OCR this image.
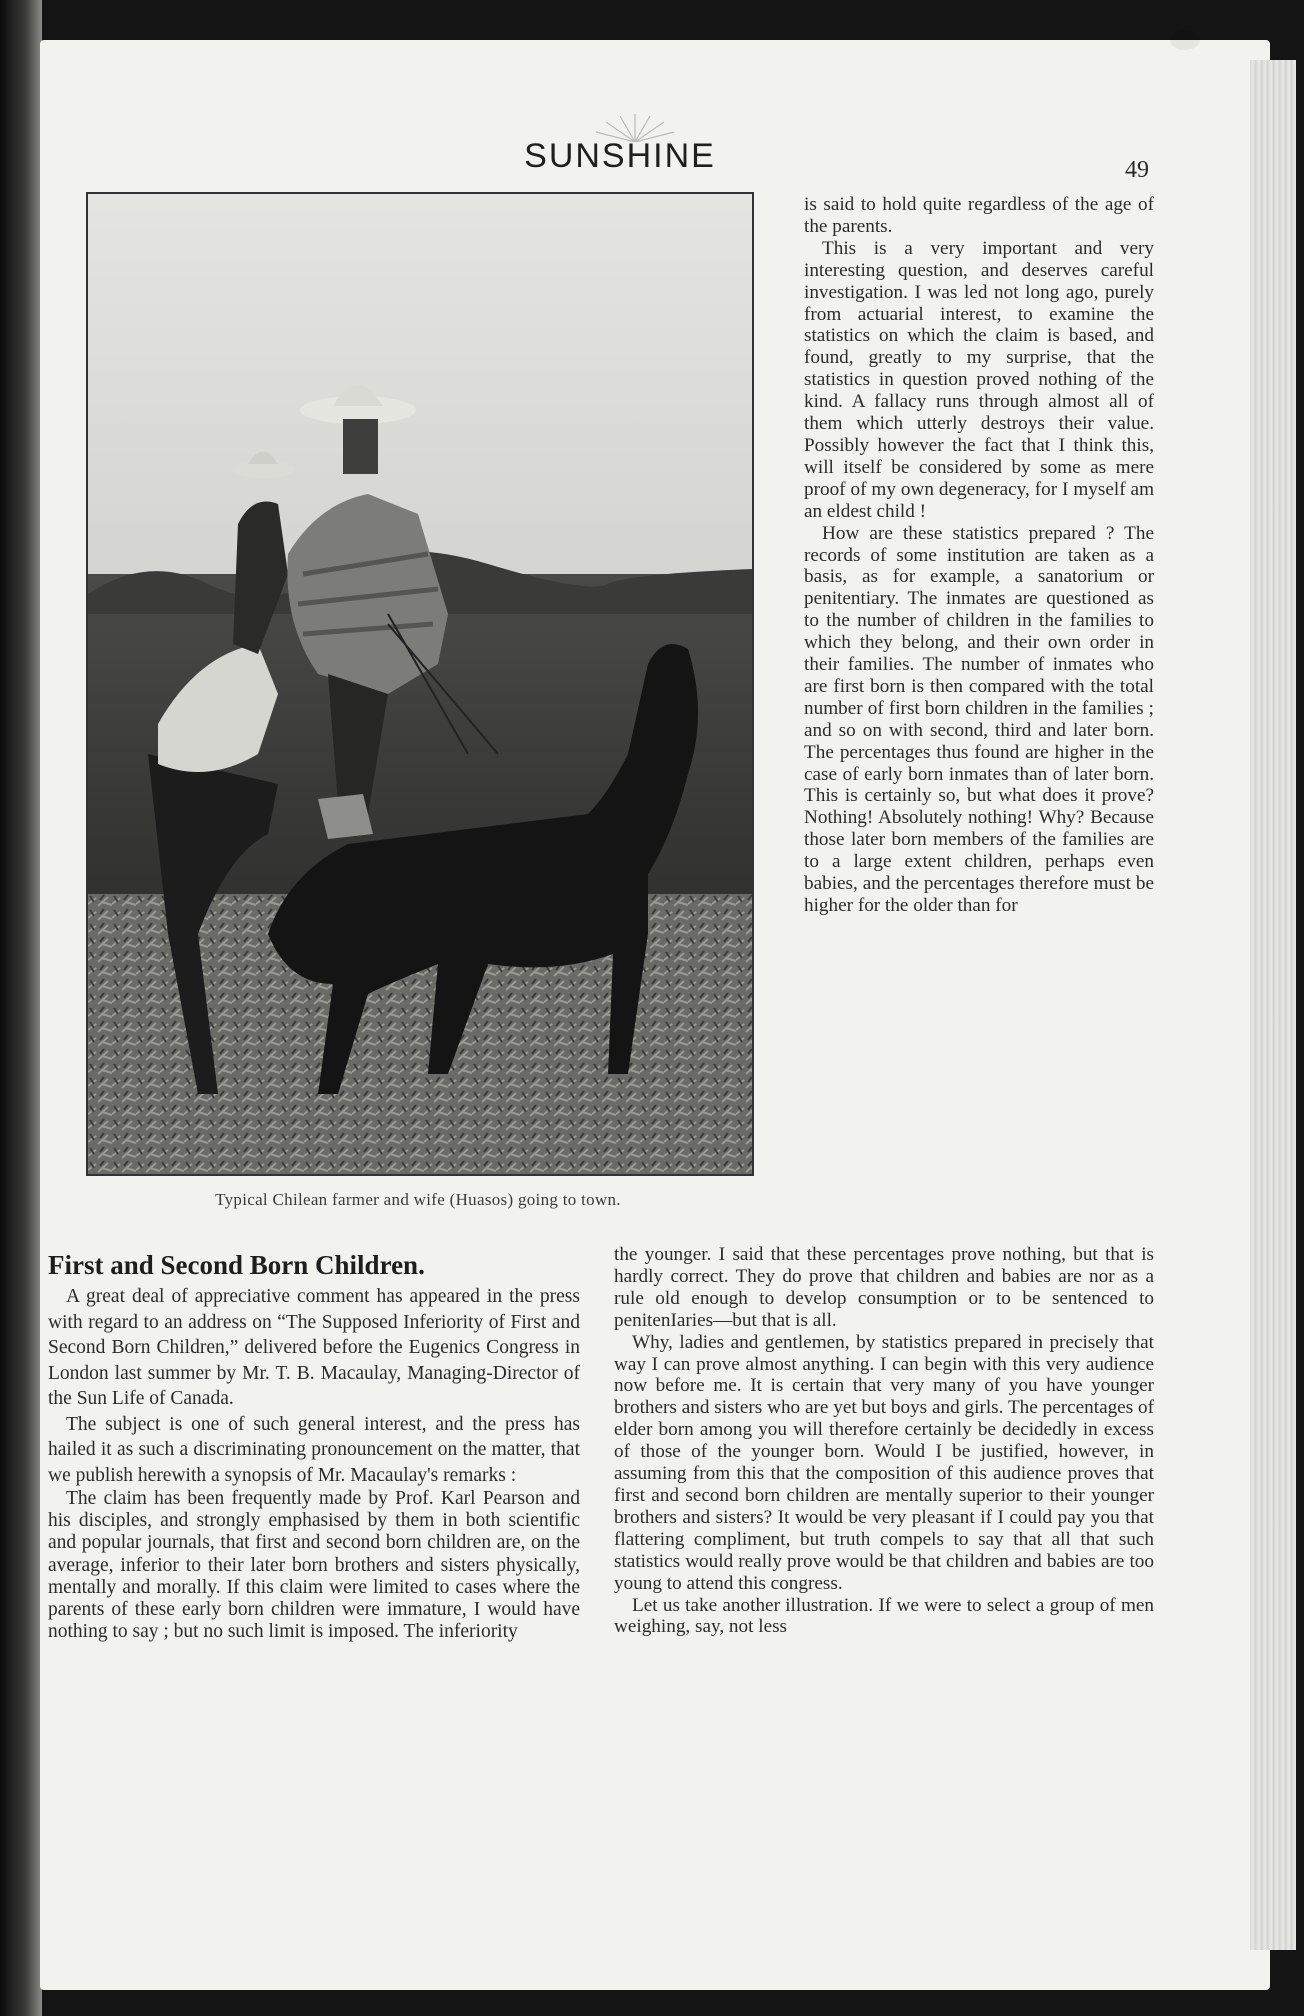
SUNSHINE	49
Typical Chilean farmer and wife (Huasos) going to town.

is said to hold quite regardless of the age of the parents.

This is a very important and very interesting question, and deserves careful investigation. I was led not long ago, purely from actuarial interest, to examine the statistics on which the claim is based, and found, greatly to my surprise, that the statistics in question proved nothing of the kind. A fallacy runs through almost all of them which utterly destroys their value. Possibly however the fact that I think this, will itself be considered by some as mere proof of my own degeneracy, for I myself am an eldest child !

How are these statistics prepared ? The records of some institution are taken as a basis, as for example, a sanatorium or penitentiary. The inmates are questioned as to the number of children in the families to which they belong, and their own order in their families. The number of inmates who are first born is then compared with the total number of first born children in the families ; and so on with second, third and later born. The percentages thus found are higher in the case of early born inmates than of later born. This is certainly so, but what does it prove? Nothing! Absolutely nothing! Why? Because those later born members of the families are to a large extent children, perhaps even babies, and the percentages therefore must be higher for the older than for

First and Second Born Children.	the younger. I said that these percentages prove nothing, but that is hardly correct. They do prove that children and babies are nor as a rule old enough to develop consumption or to be sentenced to penitenIaries—but that is all.

Why, ladies and gentlemen, by statistics prepared in precisely that way I can prove almost anything. I can begin with this very audience now before me. It is certain that very many of you have younger brothers and sisters who are yet but boys and girls. The percentages of elder born among you will therefore certainly be decidedly in excess of those of the younger born. Would I be justified, however, in assuming from this that the composition of this audience proves that first and second born children are mentally superior to their younger brothers and sisters? It would be very pleasant if I could pay you that flattering compliment, but truth compels to say that all that such statistics would really prove would be that children and babies are too young to attend this congress.

Let us take another illustration. If we were to select a group of men weighing, say, not less

A great deal of appreciative comment has appeared in the press with regard to an address on “The Supposed Inferiority of First and Second Born Children,” delivered before the Eugenics Congress in London last summer by Mr. T. B. Macaulay, Managing-Director of the Sun Life of Canada.

The subject is one of such general interest, and the press has hailed it as such a discriminating pronouncement on the matter, that we publish herewith a synopsis of Mr. Macaulay's remarks :

The claim has been frequently made by Prof. Karl Pearson and his disciples, and strongly emphasised by them in both scientific and popular journals, that first and second born children are, on the average, inferior to their later born brothers and sisters physically, mentally and morally. If this claim were limited to cases where the parents of these early born children were immature, I would have nothing to say ; but no such limit is imposed. The inferiority
